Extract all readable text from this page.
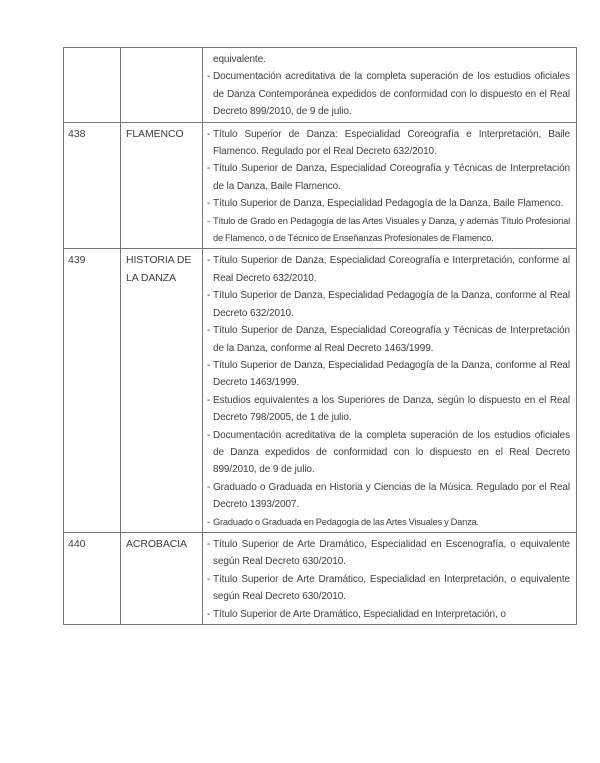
		equivalente.
- Documentación acreditativa de la completa superación de los estudios oficiales de Danza Contemporánea expedidos de conformidad con lo dispuesto en el Real Decreto 899/2010, de 9 de julio.

438	FLAMENCO	- Título Superior de Danza: Especialidad Coreografía e Interpretación, Baile Flamenco. Regulado por el Real Decreto 632/2010.
- Título Superior de Danza, Especialidad Coreografía y Técnicas de Interpretación de la Danza, Baile Flamenco.
- Título Superior de Danza, Especialidad Pedagogía de la Danza, Baile Flamenco.
- Título de Grado en Pedagogía de las Artes Visuales y Danza, y además Título Profesional de Flamenco, o de Técnico de Enseñanzas Profesionales de Flamenco.

439	HISTORIA DE LA DANZA	
- Título Superior de Danza, Especialidad Coreografía e Interpretación, conforme al Real Decreto 632/2010.
- Título Superior de Danza, Especialidad Pedagogía de la Danza, conforme al Real Decreto 632/2010.
- Título Superior de Danza, Especialidad Coreografía y Técnicas de Interpretación de la Danza, conforme al Real Decreto 1463/1999.
- Título Superior de Danza, Especialidad Pedagogía de la Danza, conforme al Real Decreto 1463/1999.
- Estudios equivalentes a los Superiores de Danza, según lo dispuesto en el Real Decreto 798/2005, de 1 de julio.
- Documentación acreditativa de la completa superación de los estudios oficiales de Danza expedidos de conformidad con lo dispuesto en el Real Decreto 899/2010, de 9 de julio.
- Graduado o Graduada en Historia y Ciencias de la Música. Regulado por el Real Decreto 1393/2007.
- Graduado o Graduada en Pedagogía de las Artes Visuales y Danza.

440	ACROBACIA	- Título Superior de Arte Dramático, Especialidad en Escenografía, o equivalente según Real Decreto 630/2010.
- Título Superior de Arte Dramático, Especialidad en Interpretación, o equivalente según Real Decreto 630/2010.
- Título Superior de Arte Dramático, Especialidad en Interpretación, o
